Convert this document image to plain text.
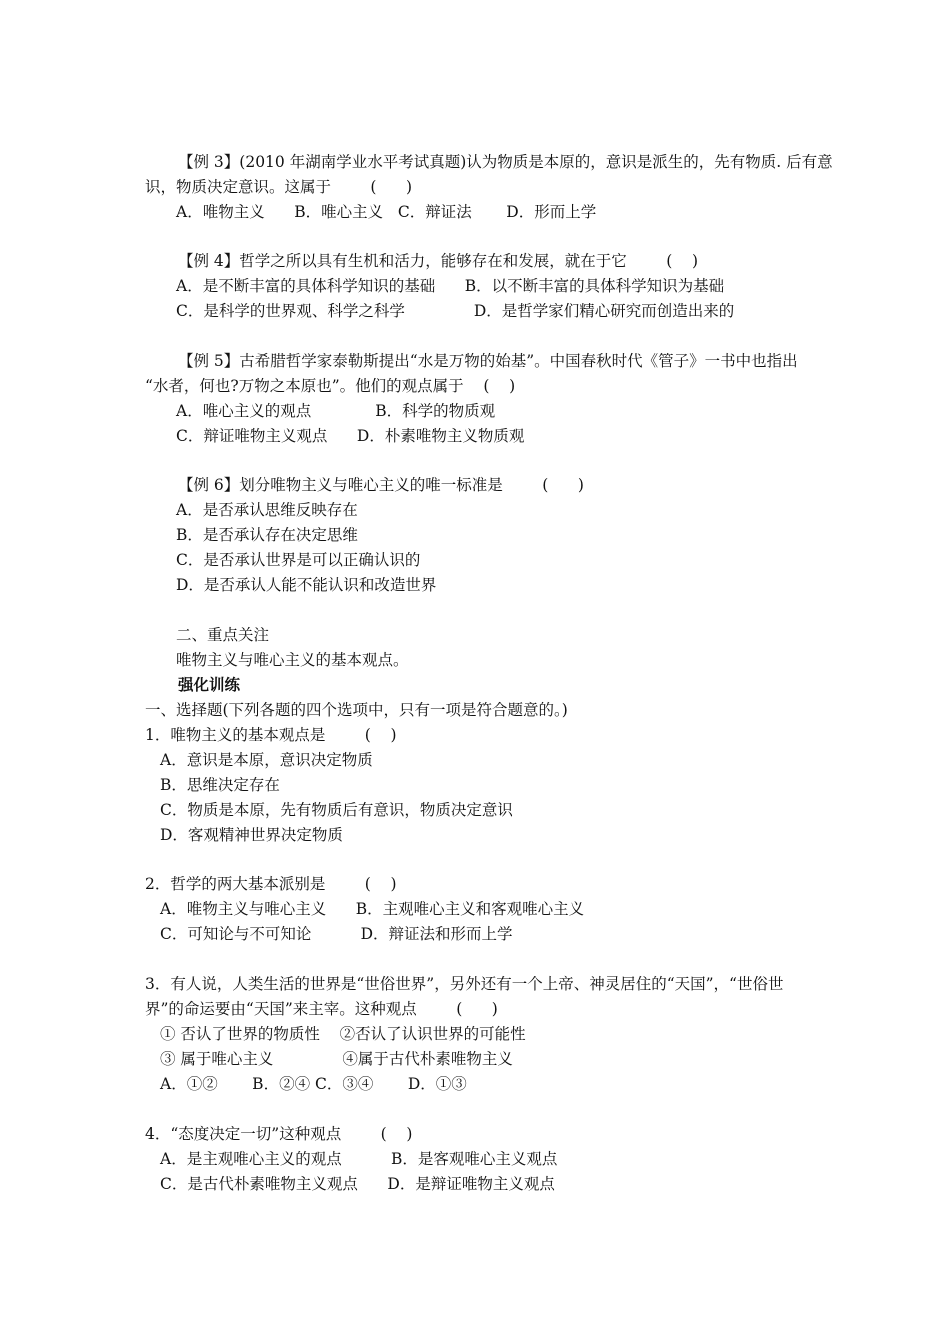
【例 3】(2010 年湖南学业水平考试真题)认为物质是本原的，意识是派生的，先有物质. 后有意
识，物质决定意识。这属于        (      )
A．唯物主义      B．唯心主义   C．辩证法       D．形而上学
【例 4】哲学之所以具有生机和活力，能够存在和发展，就在于它        (    )
A．是不断丰富的具体科学知识的基础      B．以不断丰富的具体科学知识为基础
C．是科学的世界观、科学之科学              D．是哲学家们精心研究而创造出来的
【例 5】古希腊哲学家泰勒斯提出“水是万物的始基”。中国春秋时代《管子》一书中也指出
“水者，何也?万物之本原也”。他们的观点属于    (    )
A．唯心主义的观点             B．科学的物质观
C．辩证唯物主义观点      D．朴素唯物主义物质观
【例 6】划分唯物主义与唯心主义的唯一标准是        (      )
A．是否承认思维反映存在
B．是否承认存在决定思维
C．是否承认世界是可以正确认识的
D．是否承认人能不能认识和改造世界
二、重点关注
唯物主义与唯心主义的基本观点。
强化训练
一、选择题(下列各题的四个选项中，只有一项是符合题意的。)
1．唯物主义的基本观点是        (    )
A．意识是本原，意识决定物质
B．思维决定存在
C．物质是本原，先有物质后有意识，物质决定意识
D．客观精神世界决定物质
2．哲学的两大基本派别是        (    )
A．唯物主义与唯心主义      B．主观唯心主义和客观唯心主义
C．可知论与不可知论          D．辩证法和形而上学
3．有人说，人类生活的世界是“世俗世界”，另外还有一个上帝、神灵居住的“天国”，“世俗世
界”的命运要由“天国”来主宰。这种观点        (      )
① 否认了世界的物质性    ②否认了认识世界的可能性
③ 属于唯心主义              ④属于古代朴素唯物主义
A．①②       B．②④ C．③④       D．①③
4．“态度决定一切”这种观点        (    )
A．是主观唯心主义的观点          B．是客观唯心主义观点
C．是古代朴素唯物主义观点      D．是辩证唯物主义观点
